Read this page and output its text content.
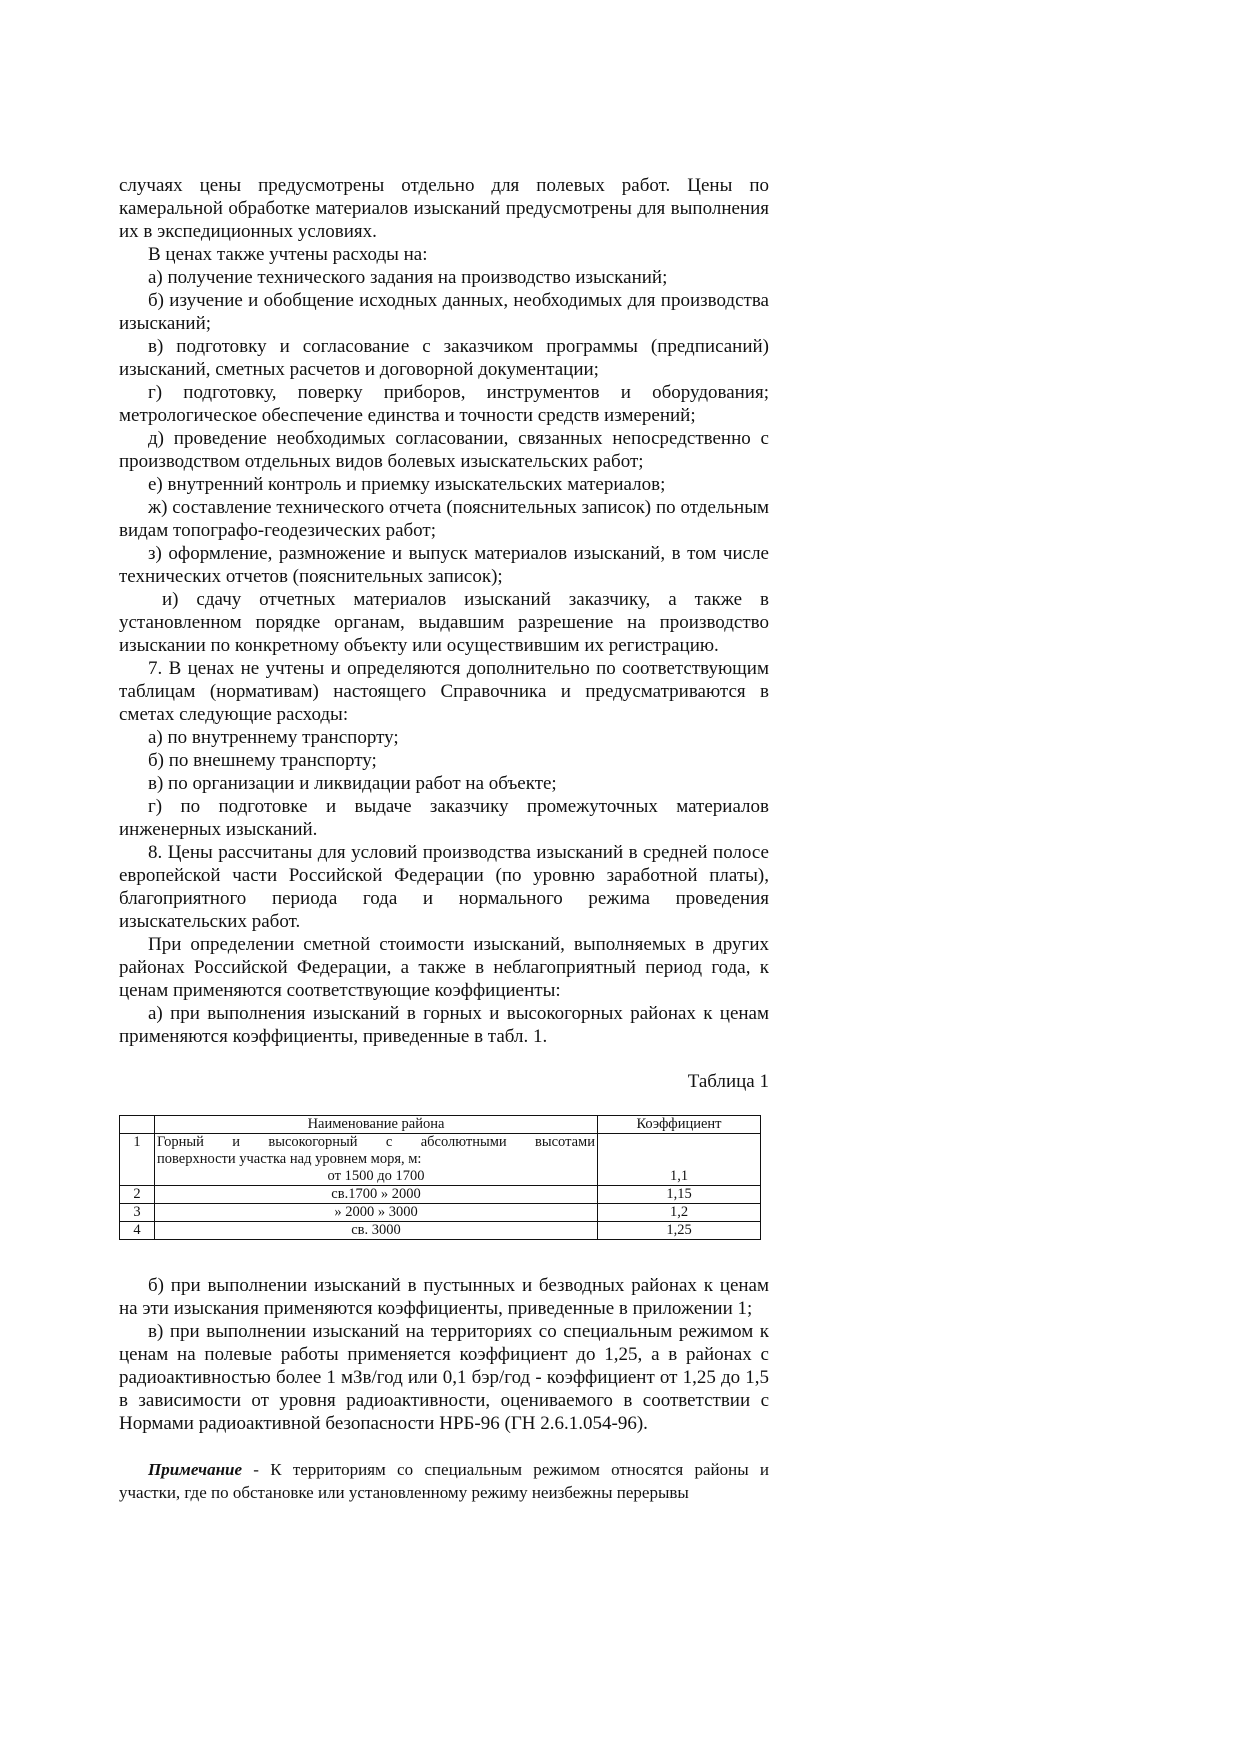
случаях цены предусмотрены отдельно для полевых работ. Цены по камеральной обработке материалов изысканий предусмотрены для выполнения их в экспедиционных условиях.

В ценах также учтены расходы на:

а) получение технического задания на производство изысканий;

б) изучение и обобщение исходных данных, необходимых для производства изысканий;

в) подготовку и согласование с заказчиком программы (предписаний) изысканий, сметных расчетов и договорной документации;

г) подготовку, поверку приборов, инструментов и оборудования; метрологическое обеспечение единства и точности средств измерений;

д) проведение необходимых согласовании, связанных непосредственно с производством отдельных видов болевых изыскательских работ;

е) внутренний контроль и приемку изыскательских материалов;

ж) составление технического отчета (пояснительных записок) по отдельным видам топографо-геодезических работ;

з) оформление, размножение и выпуск материалов изысканий, в том числе технических отчетов (пояснительных записок);

и) сдачу отчетных материалов изысканий заказчику, а также в установленном порядке органам, выдавшим разрешение на производство изыскании по конкретному объекту или осуществившим их регистрацию.

7. В ценах не учтены и определяются дополнительно по соответствующим таблицам (нормативам) настоящего Справочника и предусматриваются в сметах следующие расходы:

а) по внутреннему транспорту;

б) по внешнему транспорту;

в) по организации и ликвидации работ на объекте;

г) по подготовке и выдаче заказчику промежуточных материалов инженерных изысканий.

8. Цены рассчитаны для условий производства изысканий в средней полосе европейской части Российской Федерации (по уровню заработной платы), благоприятного периода года и нормального режима проведения изыскательских работ.

При определении сметной стоимости изысканий, выполняемых в других районах Российской Федерации, а также в неблагоприятный период года, к ценам применяются соответствующие коэффициенты:

а) при выполнения изысканий в горных и высокогорных районах к ценам применяются коэффициенты, приведенные в табл. 1.

Таблица 1
	Наименование района	Коэффициент
1	Горный и высокогорный с абсолютными высотами
поверхности участка над уровнем моря, м:
от 1500 до 1700	1,1
2	св.1700 » 2000	1,15
3	» 2000 » 3000	1,2
4	св. 3000	1,25

б) при выполнении изысканий в пустынных и безводных районах к ценам на эти изыскания применяются коэффициенты, приведенные в приложении 1;

в) при выполнении изысканий на территориях со специальным режимом к ценам на полевые работы применяется коэффициент до 1,25, а в районах с радиоактивностью более 1 мЗв/год или 0,1 бэр/год - коэффициент от 1,25 до 1,5 в зависимости от уровня радиоактивности, оцениваемого в соответствии с Нормами радиоактивной безопасности НРБ-96 (ГН 2.6.1.054-96).

Примечание - К территориям со специальным режимом относятся районы и участки, где по обстановке или установленному режиму неизбежны перерывы
